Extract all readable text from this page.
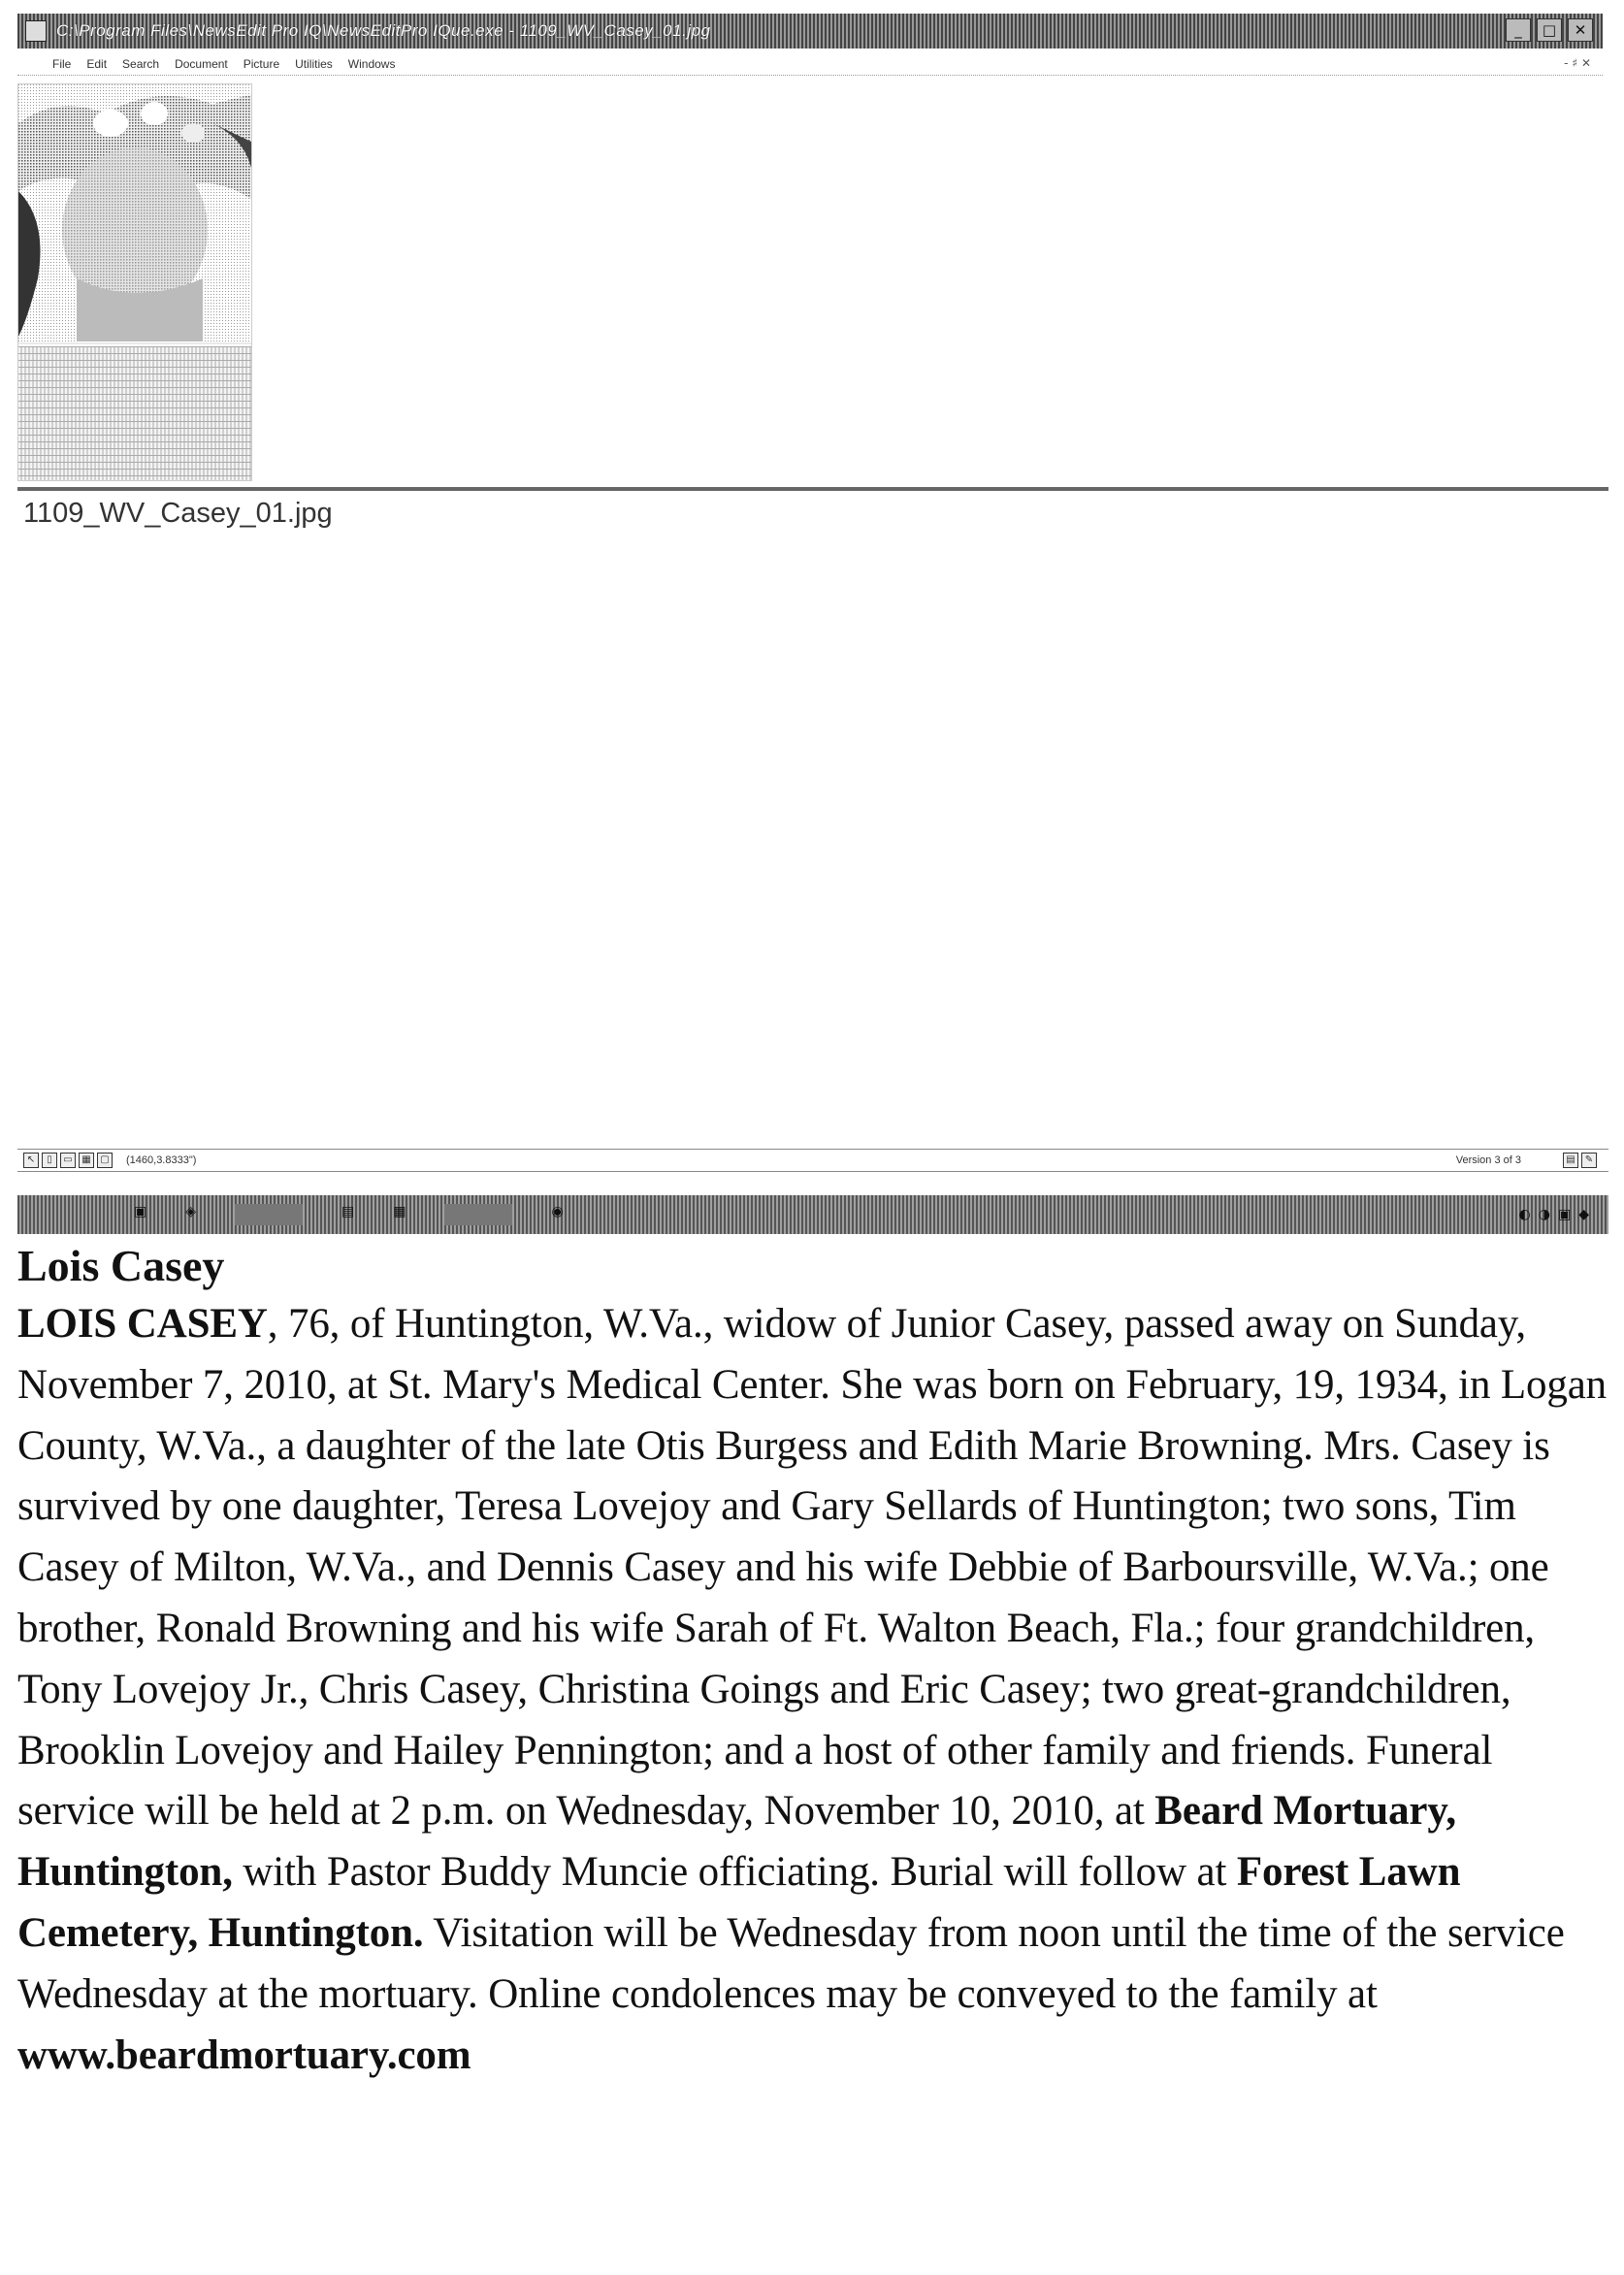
C:\Program Files\NewsEdit Pro IQ\NewsEditPro IQue.exe - 1109_WV_Casey_01.jpg	_	□	✕
File Edit Search Document Picture Utilities Windows	- ♯ ✕
1109_WV_Casey_01.jpg
↖	▯	▭ ▦ ▢ (1460,3.8333")	Version 3 of 3	▤	✎
▣	◈	▤	▦	◉	◐ ◑ ▣ ◆
Lois Casey
LOIS CASEY, 76, of Huntington, W.Va., widow of Junior Casey, passed away on Sunday, November 7, 2010, at St. Mary's Medical Center. She was born on February, 19, 1934, in Logan County, W.Va., a daughter of the late Otis Burgess and Edith Marie Browning. Mrs. Casey is survived by one daughter, Teresa Lovejoy and Gary Sellards of Huntington; two sons, Tim Casey of Milton, W.Va., and Dennis Casey and his wife Debbie of Barboursville, W.Va.; one brother, Ronald Browning and his wife Sarah of Ft. Walton Beach, Fla.; four grandchildren, Tony Lovejoy Jr., Chris Casey, Christina Goings and Eric Casey; two great-grandchildren, Brooklin Lovejoy and Hailey Pennington; and a host of other family and friends. Funeral service will be held at 2 p.m. on Wednesday, November 10, 2010, at Beard Mortuary, Huntington, with Pastor Buddy Muncie officiating. Burial will follow at Forest Lawn Cemetery, Huntington. Visitation will be Wednesday from noon until the time of the service Wednesday at the mortuary. Online condolences may be conveyed to the family at
www.beardmortuary.com
